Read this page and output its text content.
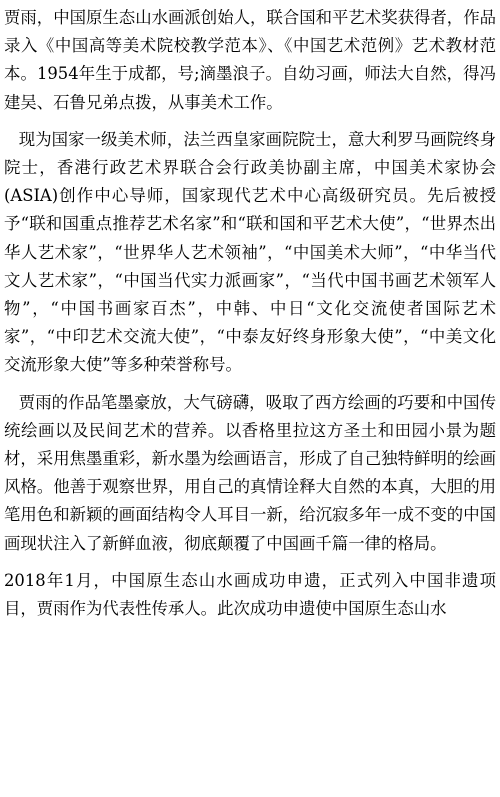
贾雨，中国原生态山水画派创始人，联合国和平艺术奖获得者，作品录入《中国高等美术院校教学范本》、《中国艺术范例》艺术教材范本。1954年生于成都，号;滴墨浪子。自幼习画，师法大自然，得冯建吴、石鲁兄弟点拨，从事美术工作。

现为国家一级美术师，法兰西皇家画院院士，意大利罗马画院终身院士，香港行政艺术界联合会行政美协副主席，中国美术家协会(ASIA)创作中心导师，国家现代艺术中心高级研究员。先后被授予“联和国重点推荐艺术名家”和“联和国和平艺术大使”，“世界杰出华人艺术家”，“世界华人艺术领袖”，“中国美术大师”，“中华当代文人艺术家”，“中国当代实力派画家”，“当代中国书画艺术领军人物”，“中国书画家百杰”，中韩、中日“文化交流使者国际艺术家”，“中印艺术交流大使”，“中泰友好终身形象大使”，“中美文化交流形象大使”等多种荣誉称号。

贾雨的作品笔墨豪放，大气磅礴，吸取了西方绘画的巧要和中国传统绘画以及民间艺术的营养。以香格里拉这方圣土和田园小景为题材，采用焦墨重彩，新水墨为绘画语言，形成了自己独特鲜明的绘画风格。他善于观察世界，用自己的真情诠释大自然的本真，大胆的用笔用色和新颖的画面结构令人耳目一新，给沉寂多年一成不变的中国画现状注入了新鲜血液，彻底颠覆了中国画千篇一律的格局。

2018年1月，中国原生态山水画成功申遗，正式列入中国非遗项目，贾雨作为代表性传承人。此次成功申遗使中国原生态山水
